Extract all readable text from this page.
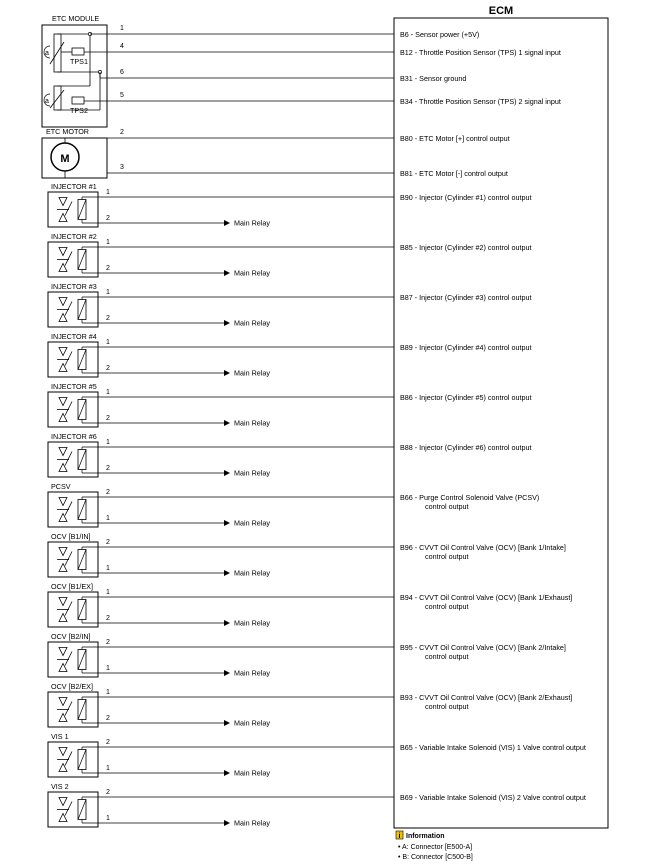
ECM
ETC MODULE
a
TPS1
a
TPS2
ETC MOTOR
M
1
B6 - Sensor power (+5V)
4
B12 - Throttle Position Sensor (TPS) 1 signal input
6
B31 - Sensor ground
5
B34 - Throttle Position Sensor (TPS) 2 signal input
2
B80 - ETC Motor [+] control output
3
B81 - ETC Motor [-] control output
INJECTOR #1
1
2	Main Relay
B90 - Injector (Cylinder #1) control output
INJECTOR #2
1
2	Main Relay
B85 - Injector (Cylinder #2) control output
INJECTOR #3
1
2	Main Relay
B87 - Injector (Cylinder #3) control output
INJECTOR #4
1
2	Main Relay
B89 - Injector (Cylinder #4) control output
INJECTOR #5
1
2	Main Relay
B86 - Injector (Cylinder #5) control output
INJECTOR #6
1
2	Main Relay
B88 - Injector (Cylinder #6) control output
PCSV
2
1	Main Relay
B66 - Purge Control Solenoid Valve (PCSV)
control output
OCV [B1/IN]
2
1	Main Relay
B96 - CVVT Oil Control Valve (OCV) [Bank 1/Intake]
control output
OCV [B1/EX]
1
2	Main Relay
B94 - CVVT Oil Control Valve (OCV) [Bank 1/Exhaust]
control output
OCV [B2/IN]
2
1	Main Relay
B95 - CVVT Oil Control Valve (OCV) [Bank 2/Intake]
control output
OCV [B2/EX]
1
2	Main Relay
B93 - CVVT Oil Control Valve (OCV) [Bank 2/Exhaust]
control output
VIS 1
2
1	Main Relay
B65 - Variable Intake Solenoid (VIS) 1 Valve control output
VIS 2
2
1	Main Relay
B69 - Variable Intake Solenoid (VIS) 2 Valve control output
i Information
• A: Connector [E500-A]
• B: Connector [C500-B]
